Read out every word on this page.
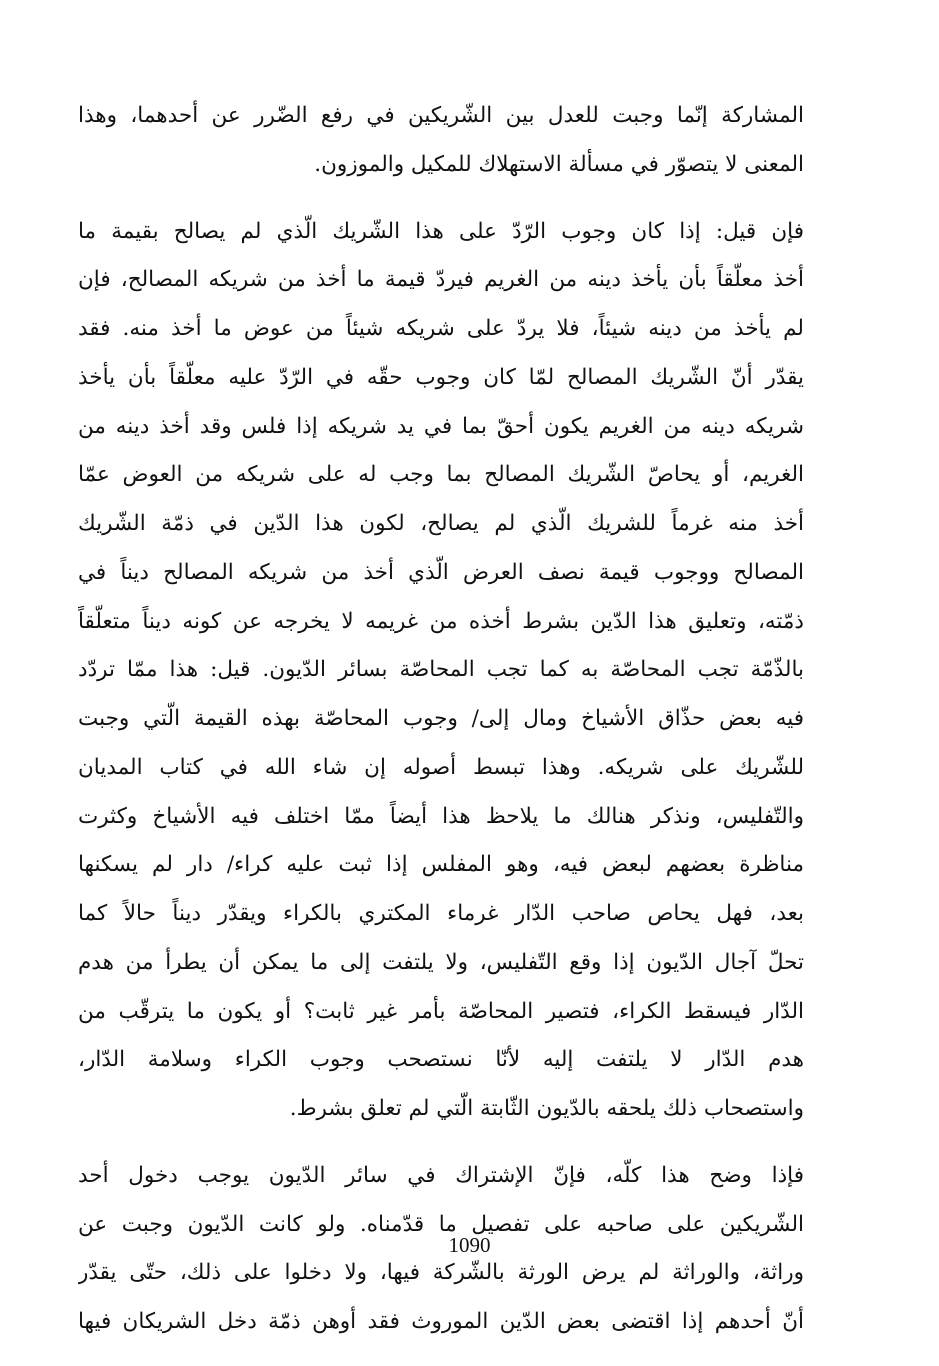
المشاركة إنّما وجبت للعدل بين الشّريكين في رفع الضّرر عن أحدهما، وهذا
المعنى لا يتصوّر في مسألة الاستهلاك للمكيل والموزون.
فإن قيل: إذا كان وجوب الرّدّ على هذا الشّريك الّذي لم يصالح بقيمة ما
أخذ معلّقاً بأن يأخذ دينه من الغريم فيردّ قيمة ما أخذ من شريكه المصالح، فإن
لم يأخذ من دينه شيئاً، فلا يردّ على شريكه شيئاً من عوض ما أخذ منه. فقد
يقدّر أنّ الشّريك المصالح لمّا كان وجوب حقّه في الرّدّ عليه معلّقاً بأن يأخذ
شريكه دينه من الغريم يكون أحقّ بما في يد شريكه إذا فلس وقد أخذ دينه من
الغريم، أو يحاصّ الشّريك المصالح بما وجب له على شريكه من العوض عمّا
أخذ منه غرماً للشريك الّذي لم يصالح، لكون هذا الدّين في ذمّة الشّريك
المصالح ووجوب قيمة نصف العرض الّذي أخذ من شريكه المصالح ديناً في
ذمّته، وتعليق هذا الدّين بشرط أخذه من غريمه لا يخرجه عن كونه ديناً متعلّقاً
بالذّمّة تجب المحاصّة به كما تجب المحاصّة بسائر الدّيون. قيل: هذا ممّا تردّد
فيه بعض حذّاق الأشياخ ومال إلى/ وجوب المحاصّة بهذه القيمة الّتي وجبت
للشّريك على شريكه. وهذا تبسط أصوله إن شاء الله في كتاب المديان
والتّفليس، ونذكر هنالك ما يلاحظ هذا أيضاً ممّا اختلف فيه الأشياخ وكثرت
مناظرة بعضهم لبعض فيه، وهو المفلس إذا ثبت عليه كراء/ دار لم يسكنها
بعد، فهل يحاص صاحب الدّار غرماء المكتري بالكراء ويقدّر ديناً حالاً كما
تحلّ آجال الدّيون إذا وقع التّفليس، ولا يلتفت إلى ما يمكن أن يطرأ من هدم
الدّار فيسقط الكراء، فتصير المحاصّة بأمر غير ثابت؟ أو يكون ما يترقّب من
هدم الدّار لا يلتفت إليه لأنّا نستصحب وجوب الكراء وسلامة الدّار،
واستصحاب ذلك يلحقه بالدّيون الثّابتة الّتي لم تعلق بشرط.
فإذا وضح هذا كلّه، فإنّ الإشتراك في سائر الدّيون يوجب دخول أحد
الشّريكين على صاحبه على تفصيل ما قدّمناه. ولو كانت الدّيون وجبت عن
وراثة، والوراثة لم يرض الورثة بالشّركة فيها، ولا دخلوا على ذلك، حتّى يقدّر
أنّ أحدهم إذا اقتضى بعض الدّين الموروث فقد أوهن ذمّة دخل الشريكان فيها
1090
